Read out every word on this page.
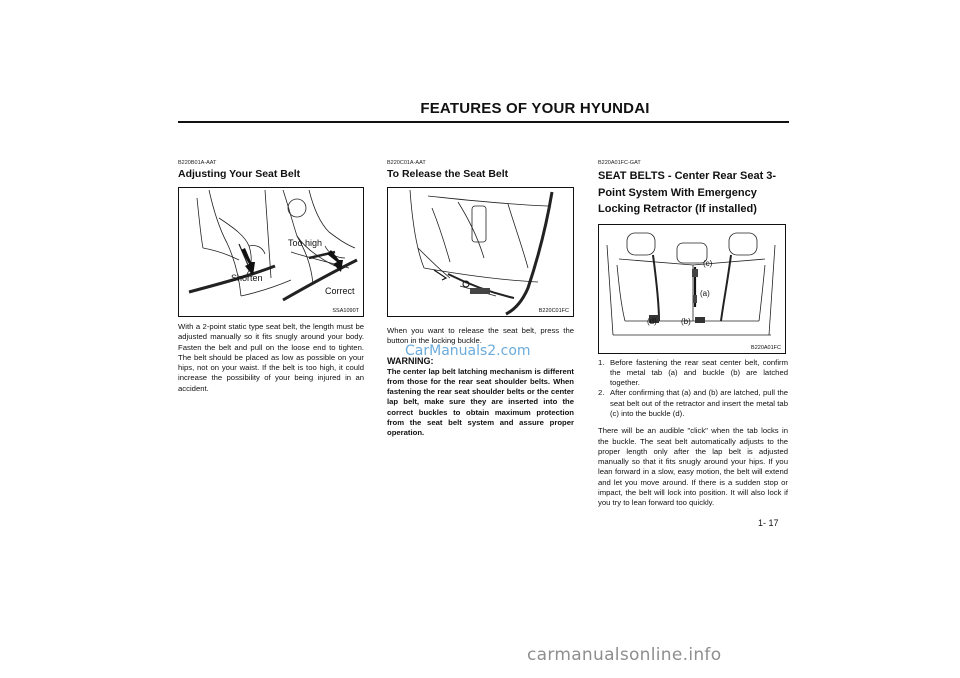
FEATURES OF YOUR HYUNDAI
B220B01A-AAT
Adjusting Your Seat Belt
Too high
Shorten
Correct
SSA1090T
With a 2-point static type seat belt, the length must be adjusted manually so it fits snugly around your body. Fasten the belt and pull on the loose end to tighten. The belt should be placed as low as possible on your hips, not on your waist. If the belt is too high, it could increase the possibility of your being injured in an accident.
B220C01A-AAT
To Release the Seat Belt
B220C01FC
When you want to release the seat belt, press the button in the locking buckle.
WARNING:
The center lap belt latching mechanism is different from those for the rear seat shoulder belts. When fastening the rear seat shoulder belts or the center lap belt, make sure they are inserted into the correct buckles to obtain maximum protection from the seat belt system and assure proper operation.
B220A01FC-GAT
SEAT BELTS - Center Rear Seat 3-Point System With Emergency Locking Retractor (If installed)
(c)
(a)
(d)	(b)
B220A01FC
1. Before fastening the rear seat center belt, confirm the metal tab (a) and buckle (b) are latched together.
2. After confirming that (a) and (b) are latched, pull the seat belt out of the retractor and insert the metal tab (c) into the buckle (d).
There will be an audible "click" when the tab locks in the buckle. The seat belt automatically adjusts to the proper length only after the lap belt is adjusted manually so that it fits snugly around your hips. If you lean forward in a slow, easy motion, the belt will extend and let you move around. If there is a sudden stop or impact, the belt will lock into position. It will also lock if you try to lean forward too quickly.
CarManuals2.com
1- 17
carmanualsonline.info
